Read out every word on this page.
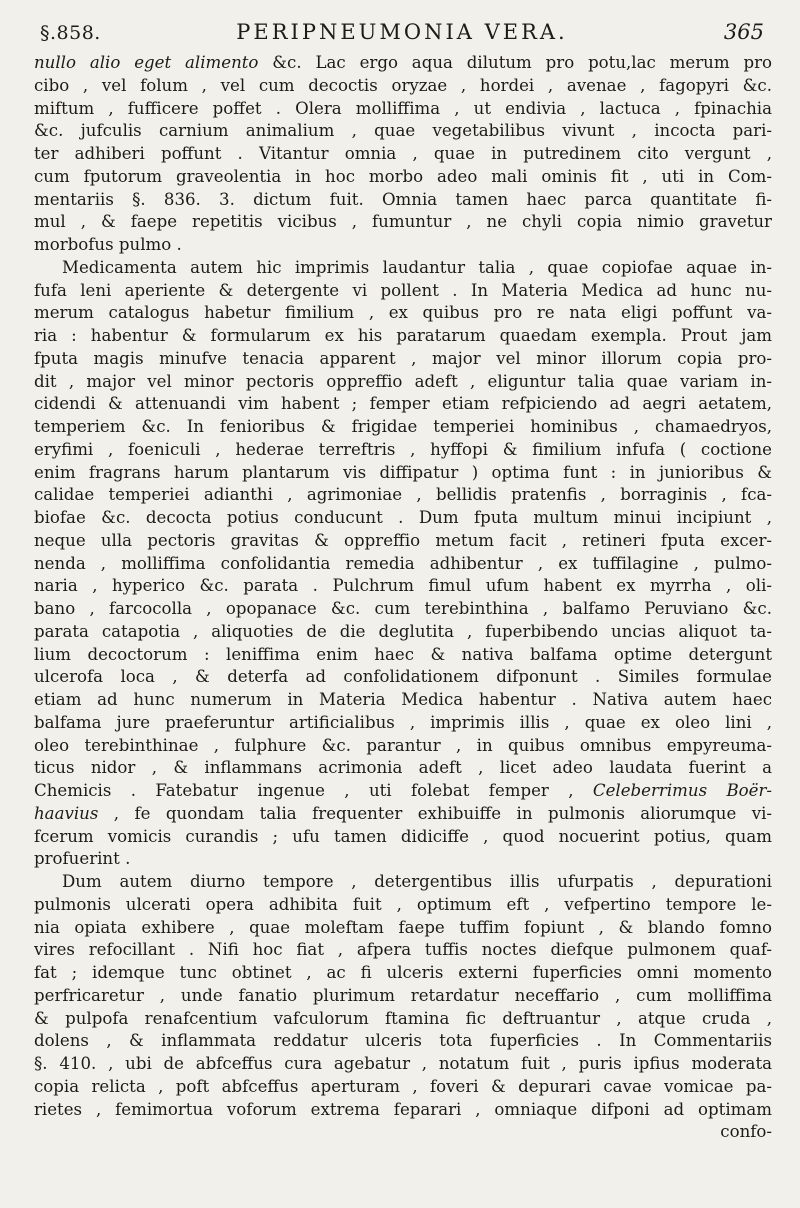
§.858.	PERIPNEUMONIA VERA.	365
nullo alio eget alimento &c. Lac ergo aqua dilutum pro potu,lac merum pro
cibo , vel folum , vel cum decoctis oryzae , hordei , avenae , fagopyri &c.
miftum , fufficere poffet . Olera molliffima , ut endivia , lactuca , fpinachia
&c. jufculis carnium animalium , quae vegetabilibus vivunt , incocta pari-
ter adhiberi poffunt . Vitantur omnia , quae in putredinem cito vergunt ,
cum fputorum graveolentia in hoc morbo adeo mali ominis fit , uti in Com-
mentariis §. 836. 3. dictum fuit. Omnia tamen haec parca quantitate fi-
mul , & faepe repetitis vicibus , fumuntur , ne chyli copia nimio gravetur
morbofus pulmo .
Medicamenta autem hic imprimis laudantur talia , quae copiofae aquae in-
fufa leni aperiente & detergente vi pollent . In Materia Medica ad hunc nu-
merum catalogus habetur fimilium , ex quibus pro re nata eligi poffunt va-
ria : habentur & formularum ex his paratarum quaedam exempla. Prout jam
fputa magis minufve tenacia apparent , major vel minor illorum copia pro-
dit , major vel minor pectoris oppreffio adeft , eliguntur talia quae variam in-
cidendi & attenuandi vim habent ; femper etiam refpiciendo ad aegri aetatem,
temperiem &c. In fenioribus & frigidae temperiei hominibus , chamaedryos,
eryfimi , foeniculi , hederae terreftris , hyffopi & fimilium infufa ( coctione
enim fragrans harum plantarum vis diffipatur ) optima funt : in junioribus &
calidae temperiei adianthi , agrimoniae , bellidis pratenfis , borraginis , fca-
biofae &c. decocta potius conducunt . Dum fputa multum minui incipiunt ,
neque ulla pectoris gravitas & oppreffio metum facit , retineri fputa excer-
nenda , molliffima confolidantia remedia adhibentur , ex tuffilagine , pulmo-
naria , hyperico &c. parata . Pulchrum fimul ufum habent ex myrrha , oli-
bano , farcocolla , opopanace &c. cum terebinthina , balfamo Peruviano &c.
parata catapotia , aliquoties de die deglutita , fuperbibendo uncias aliquot ta-
lium decoctorum : leniffima enim haec & nativa balfama optime detergunt
ulcerofa loca , & deterfa ad confolidationem difponunt . Similes formulae
etiam ad hunc numerum in Materia Medica habentur . Nativa autem haec
balfama jure praeferuntur artificialibus , imprimis illis , quae ex oleo lini ,
oleo terebinthinae , fulphure &c. parantur , in quibus omnibus empyreuma-
ticus nidor , & inflammans acrimonia adeft , licet adeo laudata fuerint a
Chemicis . Fatebatur ingenue , uti folebat femper , Celeberrimus Boër-
haavius , fe quondam talia frequenter exhibuiffe in pulmonis aliorumque vi-
fcerum vomicis curandis ; ufu tamen didiciffe , quod nocuerint potius, quam
profuerint .
Dum autem diurno tempore , detergentibus illis ufurpatis , depurationi
pulmonis ulcerati opera adhibita fuit , optimum eft , vefpertino tempore le-
nia opiata exhibere , quae moleftam faepe tuffim fopiunt , & blando fomno
vires refocillant . Nifi hoc fiat , afpera tuffis noctes diefque pulmonem quaf-
fat ; idemque tunc obtinet , ac fi ulceris externi fuperficies omni momento
perfricaretur , unde fanatio plurimum retardatur neceffario , cum molliffima
& pulpofa renafcentium vafculorum ftamina fic deftruantur , atque cruda ,
dolens , & inflammata reddatur ulceris tota fuperficies . In Commentariis
§. 410. , ubi de abfceffus cura agebatur , notatum fuit , puris ipfius moderata
copia relicta , poft abfceffus aperturam , foveri & depurari cavae vomicae pa-
rietes , femimortua voforum extrema feparari , omniaque difponi ad optimam
confo-
